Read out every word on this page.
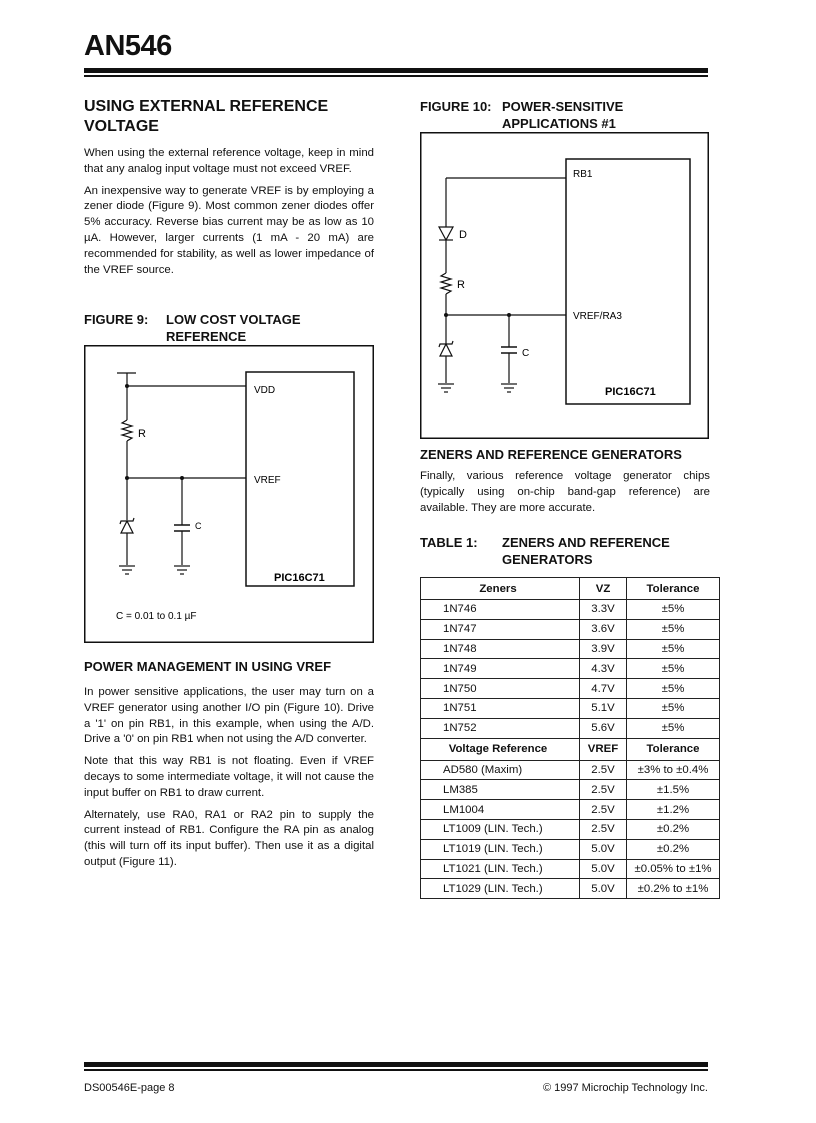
AN546
USING EXTERNAL REFERENCE
VOLTAGE

When using the external reference voltage, keep in mind that any analog input voltage must not exceed VREF.

An inexpensive way to generate VREF is by employing a zener diode (Figure 9). Most common zener diodes offer 5% accuracy. Reverse bias current may be as low as 10 µA. However, larger currents (1 mA - 20 mA) are recommended for stability, as well as lower impedance of the VREF source.

FIGURE 9: LOW COST VOLTAGE
REFERENCE
PIC16C71
VDD
R
VREF
C
C = 0.01 to 0.1 µF
POWER MANAGEMENT IN USING VREF

In power sensitive applications, the user may turn on a VREF generator using another I/O pin (Figure 10). Drive a '1' on pin RB1, in this example, when using the A/D. Drive a '0' on pin RB1 when not using the A/D converter.

Note that this way RB1 is not floating. Even if VREF decays to some intermediate voltage, it will not cause the input buffer on RB1 to draw current.

Alternately, use RA0, RA1 or RA2 pin to supply the current instead of RB1. Configure the RA pin as analog (this will turn off its input buffer). Then use it as a digital output (Figure 11).

FIGURE 10: POWER-SENSITIVE
APPLICATIONS #1
PIC16C71
RB1
D
R
VREF/RA3
C
ZENERS AND REFERENCE GENERATORS

Finally, various reference voltage generator chips (typically using on-chip band-gap reference) are available. They are more accurate.

TABLE 1: ZENERS AND REFERENCE
GENERATORS
Zeners	VZ	Tolerance
1N746	3.3V	±5%
1N747	3.6V	±5%
1N748	3.9V	±5%
1N749	4.3V	±5%
1N750	4.7V	±5%
1N751	5.1V	±5%
1N752	5.6V	±5%
Voltage Reference	VREF	Tolerance
AD580 (Maxim)	2.5V	±3% to ±0.4%
LM385	2.5V	±1.5%
LM1004	2.5V	±1.2%
LT1009 (LIN. Tech.)	2.5V	±0.2%
LT1019 (LIN. Tech.)	5.0V	±0.2%
LT1021 (LIN. Tech.)	5.0V	±0.05% to ±1%
LT1029 (LIN. Tech.)	5.0V	±0.2% to ±1%
DS00546E-page 8	© 1997 Microchip Technology Inc.
